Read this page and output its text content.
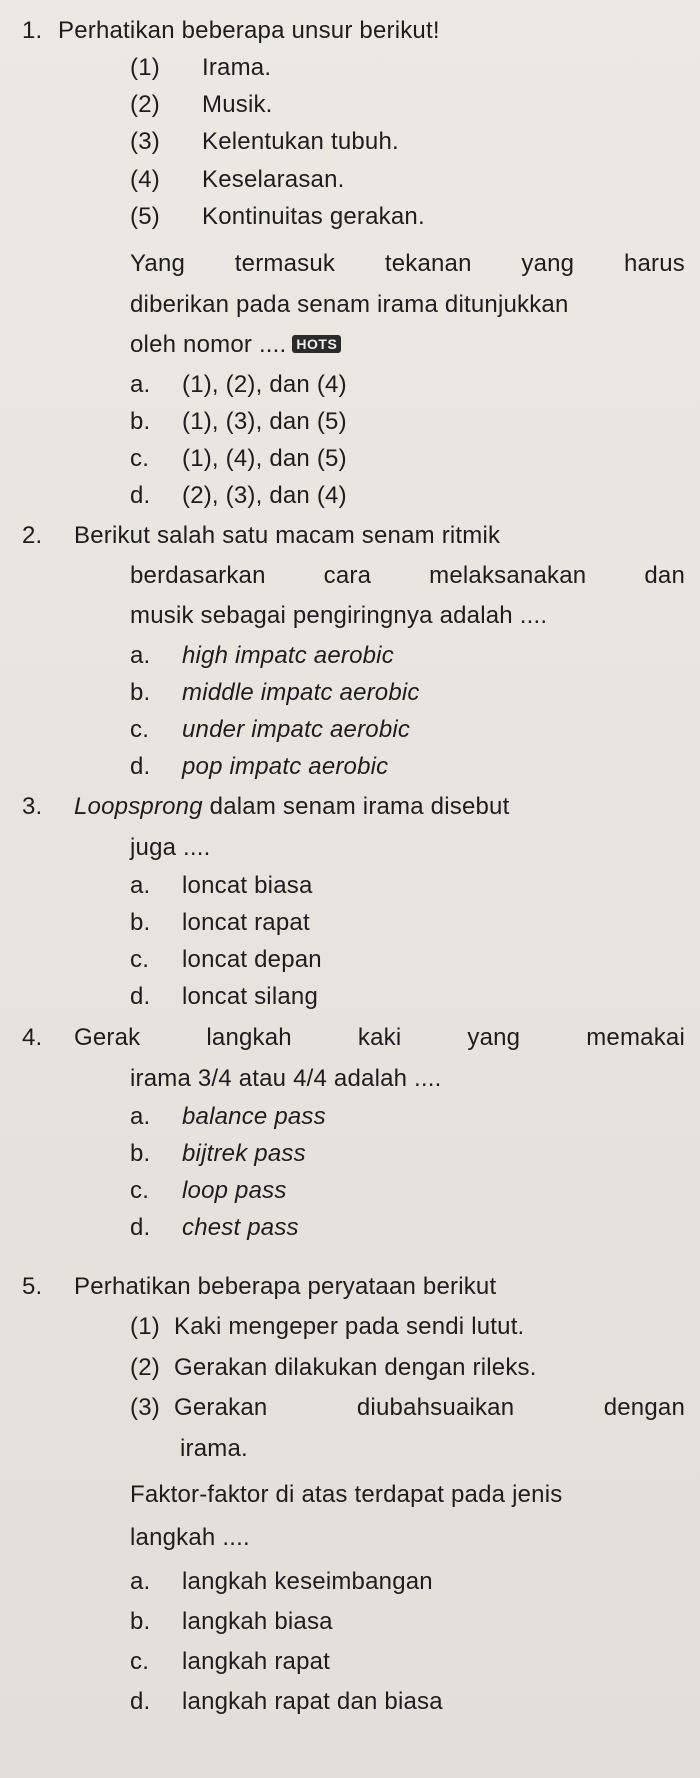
1. Perhatikan beberapa unsur berikut!
(1) Irama.
(2) Musik.
(3) Kelentukan tubuh.
(4) Keselarasan.
(5) Kontinuitas gerakan.
Yang termasuk tekanan yang harus
diberikan pada senam irama ditunjukkan
oleh nomor .... HOTS
a. (1), (2), dan (4)
b. (1), (3), dan (5)
c. (1), (4), dan (5)
d. (2), (3), dan (4)
2. Berikut salah satu macam senam ritmik
berdasarkan cara melaksanakan dan
musik sebagai pengiringnya adalah ....
a. high impatc aerobic
b. middle impatc aerobic
c. under impatc aerobic
d. pop impatc aerobic
3. Loopsprong dalam senam irama disebut
juga ....
a. loncat biasa
b. loncat rapat
c. loncat depan
d. loncat silang
4. Gerak langkah kaki yang memakai
irama 3/4 atau 4/4 adalah ....
a. balance pass
b. bijtrek pass
c. loop pass
d. chest pass
5. Perhatikan beberapa peryataan berikut
(1) Kaki mengeper pada sendi lutut.
(2) Gerakan dilakukan dengan rileks.
(3) Gerakan diubahsuaikan dengan
irama.
Faktor-faktor di atas terdapat pada jenis
langkah ....
a. langkah keseimbangan
b. langkah biasa
c. langkah rapat
d. langkah rapat dan biasa
